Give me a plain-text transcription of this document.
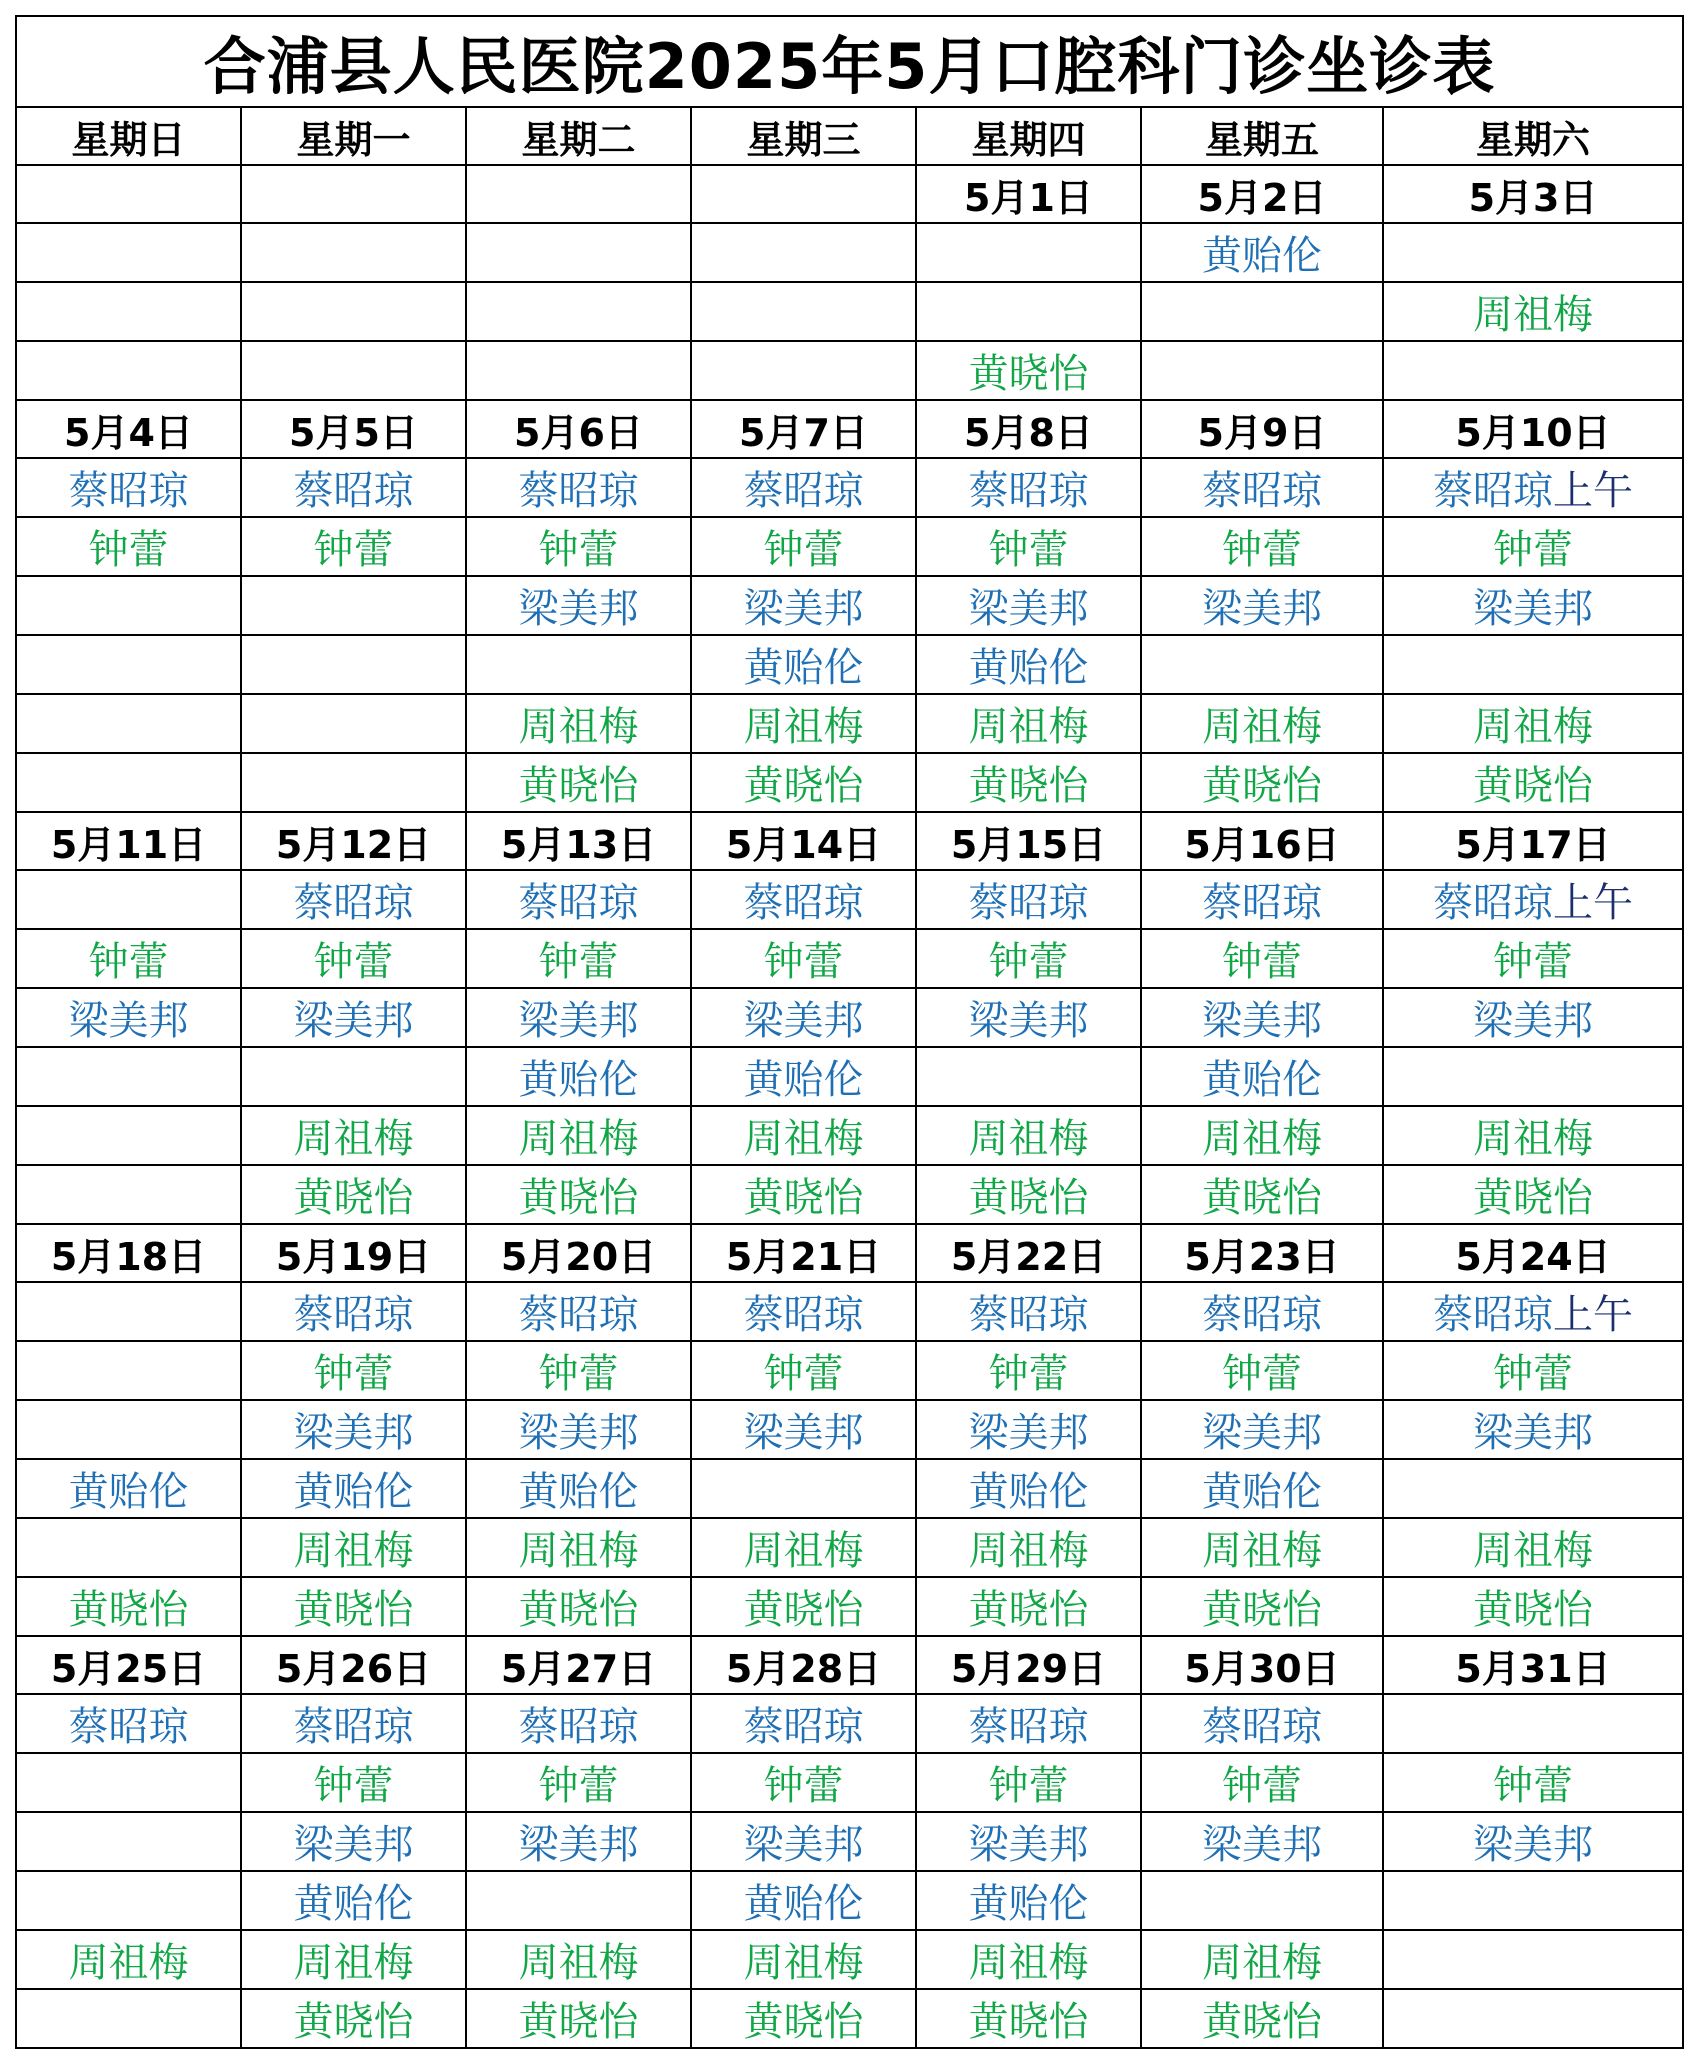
合浦县人民医院2025年5月口腔科门诊坐诊表						
星期日	星期一	星期二	星期三	星期四	星期五	星期六
				5月1日	5月2日	5月3日
					黄贻伦	
						周祖梅
				黄晓怡		
5月4日	5月5日	5月6日	5月7日	5月8日	5月9日	5月10日
蔡昭琼	蔡昭琼	蔡昭琼	蔡昭琼	蔡昭琼	蔡昭琼	蔡昭琼上午
钟蕾	钟蕾	钟蕾	钟蕾	钟蕾	钟蕾	钟蕾
		梁美邦	梁美邦	梁美邦	梁美邦	梁美邦
			黄贻伦	黄贻伦		
		周祖梅	周祖梅	周祖梅	周祖梅	周祖梅
		黄晓怡	黄晓怡	黄晓怡	黄晓怡	黄晓怡
5月11日	5月12日	5月13日	5月14日	5月15日	5月16日	5月17日
	蔡昭琼	蔡昭琼	蔡昭琼	蔡昭琼	蔡昭琼	蔡昭琼上午
钟蕾	钟蕾	钟蕾	钟蕾	钟蕾	钟蕾	钟蕾
梁美邦	梁美邦	梁美邦	梁美邦	梁美邦	梁美邦	梁美邦
		黄贻伦	黄贻伦		黄贻伦	
	周祖梅	周祖梅	周祖梅	周祖梅	周祖梅	周祖梅
	黄晓怡	黄晓怡	黄晓怡	黄晓怡	黄晓怡	黄晓怡
5月18日	5月19日	5月20日	5月21日	5月22日	5月23日	5月24日
	蔡昭琼	蔡昭琼	蔡昭琼	蔡昭琼	蔡昭琼	蔡昭琼上午
	钟蕾	钟蕾	钟蕾	钟蕾	钟蕾	钟蕾
	梁美邦	梁美邦	梁美邦	梁美邦	梁美邦	梁美邦
黄贻伦	黄贻伦	黄贻伦		黄贻伦	黄贻伦	
	周祖梅	周祖梅	周祖梅	周祖梅	周祖梅	周祖梅
黄晓怡	黄晓怡	黄晓怡	黄晓怡	黄晓怡	黄晓怡	黄晓怡
5月25日	5月26日	5月27日	5月28日	5月29日	5月30日	5月31日
蔡昭琼	蔡昭琼	蔡昭琼	蔡昭琼	蔡昭琼	蔡昭琼	
	钟蕾	钟蕾	钟蕾	钟蕾	钟蕾	钟蕾
	梁美邦	梁美邦	梁美邦	梁美邦	梁美邦	梁美邦
	黄贻伦		黄贻伦	黄贻伦		
周祖梅	周祖梅	周祖梅	周祖梅	周祖梅	周祖梅	
	黄晓怡	黄晓怡	黄晓怡	黄晓怡	黄晓怡	
